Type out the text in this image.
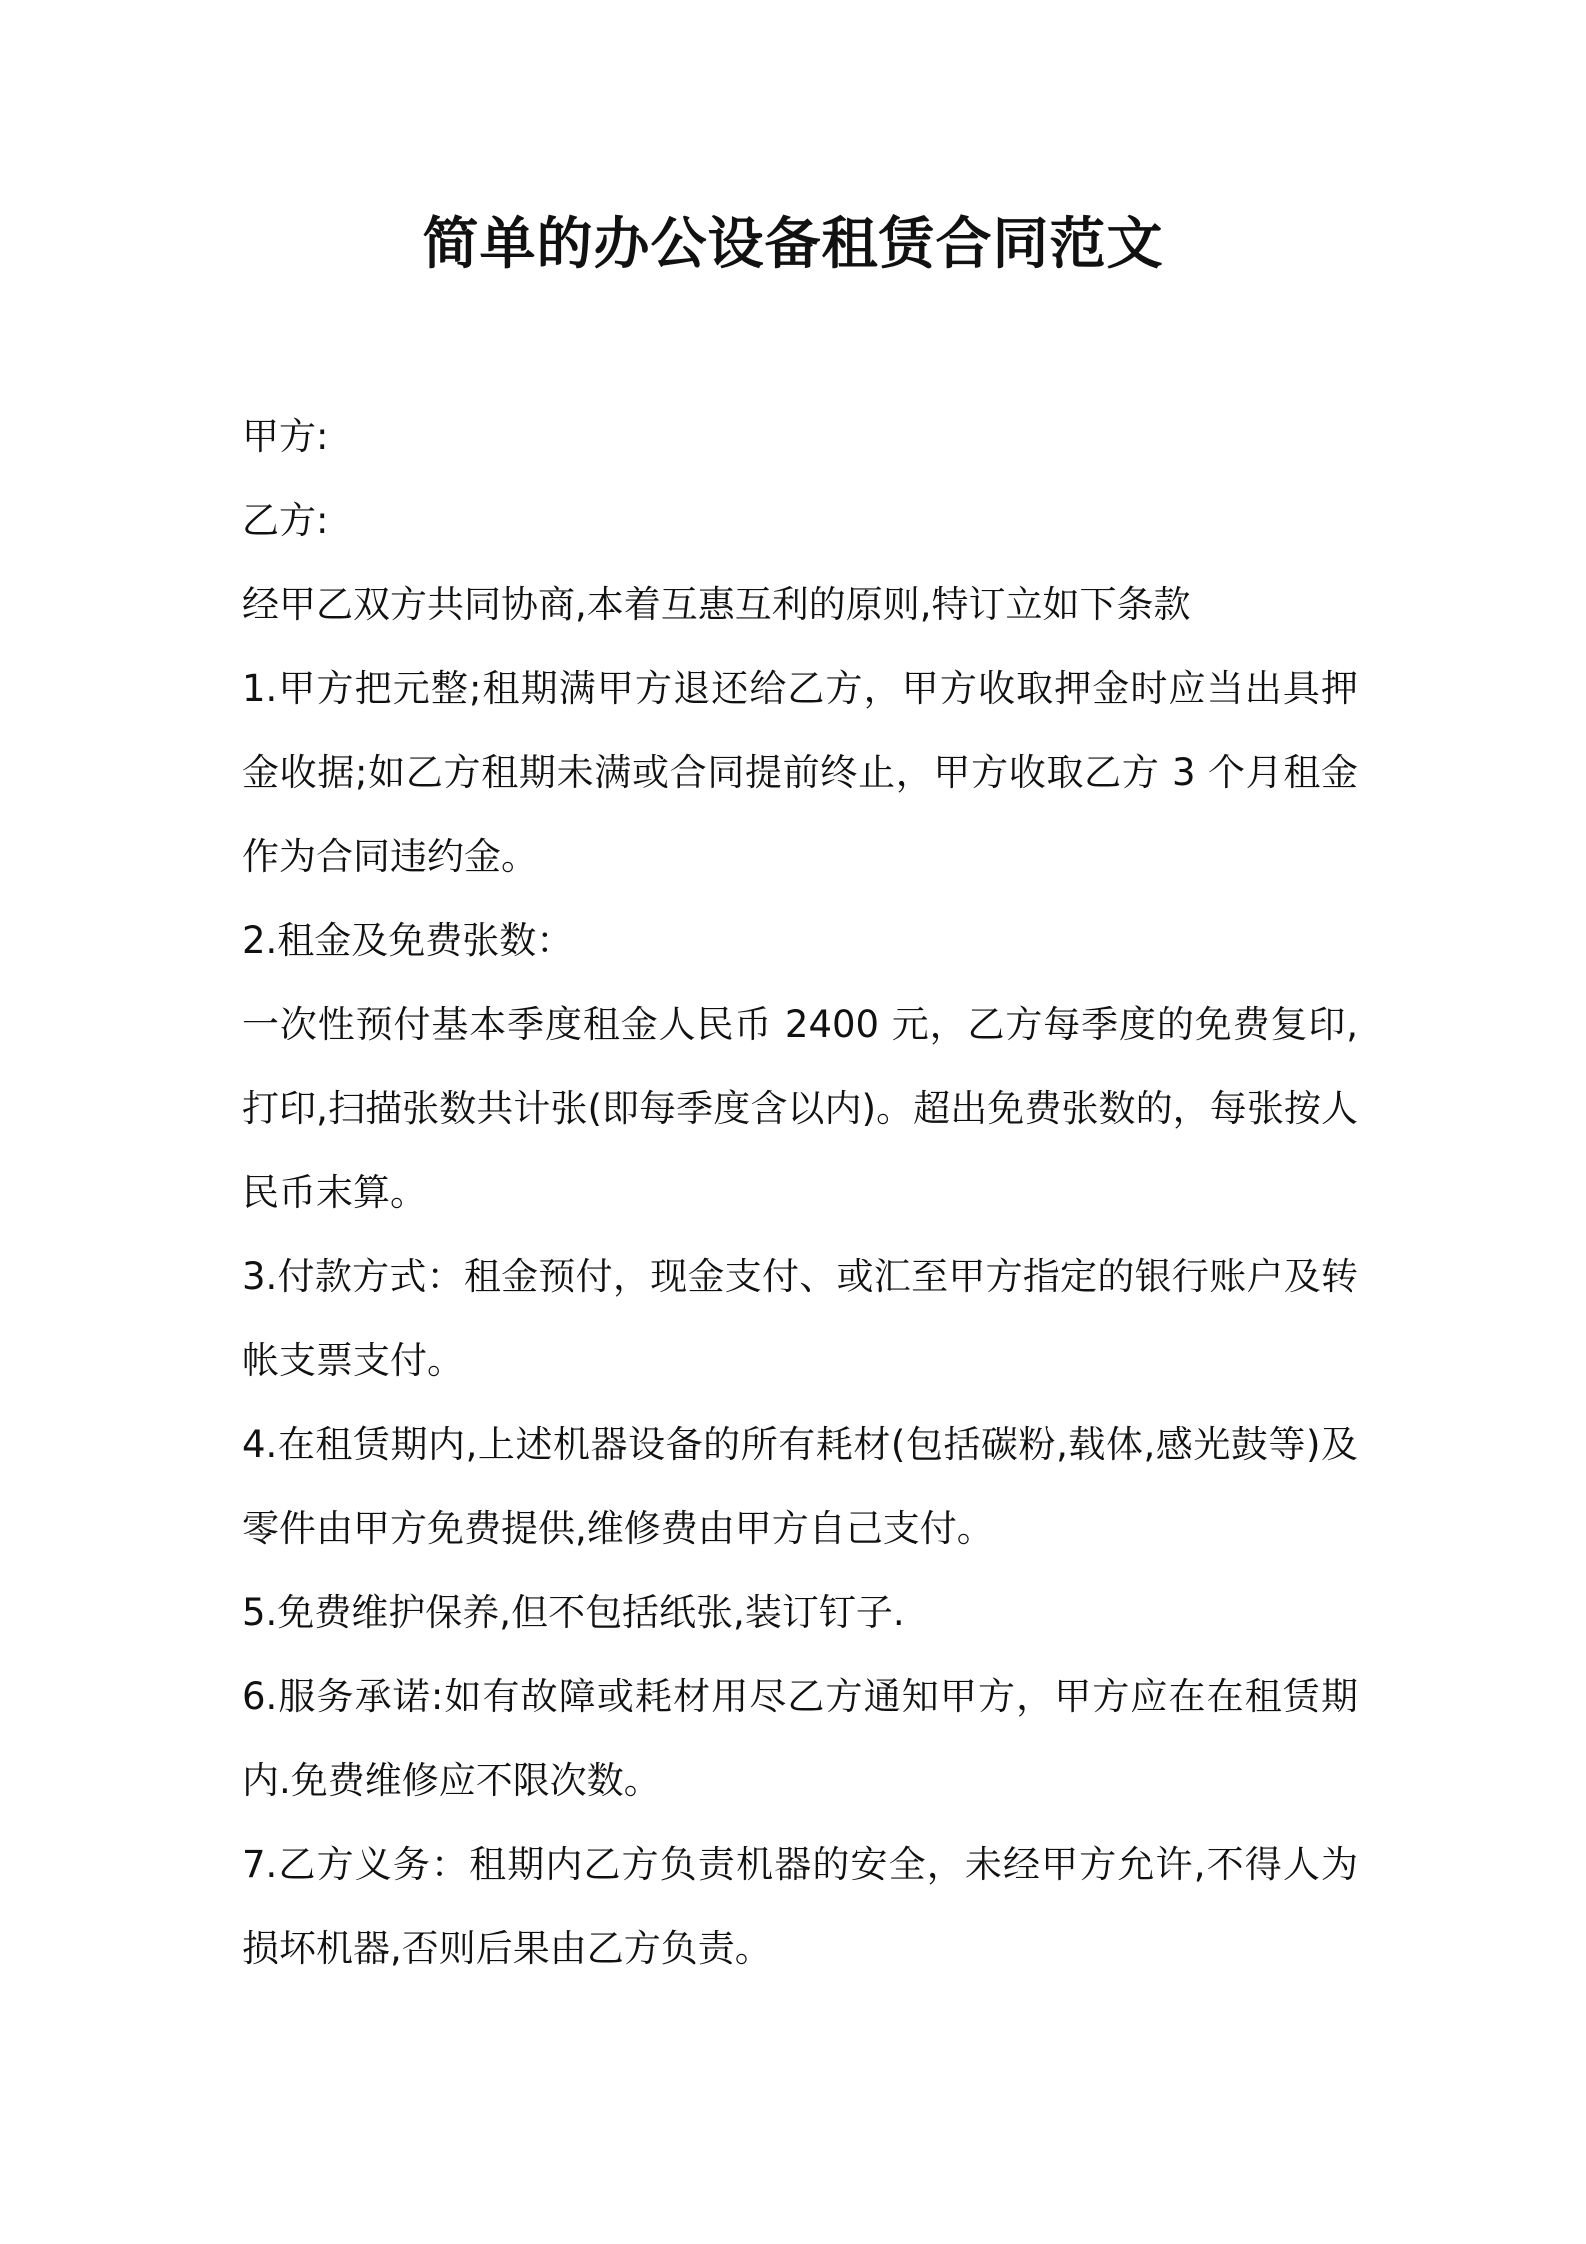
简单的办公设备租赁合同范文
甲方:
乙方:
经甲乙双方共同协商,本着互惠互利的原则,特订立如下条款
1.甲方把元整;租期满甲方退还给乙方，甲方收取押金时应当出具押
金收据;如乙方租期未满或合同提前终止，甲方收取乙方 3 个月租金
作为合同违约金。
2.租金及免费张数：
一次性预付基本季度租金人民币 2400 元，乙方每季度的免费复印,
打印,扫描张数共计张(即每季度含以内)。超出免费张数的，每张按人
民币末算。
3.付款方式：租金预付，现金支付、或汇至甲方指定的银行账户及转
帐支票支付。
4.在租赁期内,上述机器设备的所有耗材(包括碳粉,载体,感光鼓等)及
零件由甲方免费提供,维修费由甲方自己支付。
5.免费维护保养,但不包括纸张,装订钉子.
6.服务承诺:如有故障或耗材用尽乙方通知甲方，甲方应在在租赁期
内.免费维修应不限次数。
7.乙方义务：租期内乙方负责机器的安全，未经甲方允许,不得人为
损坏机器,否则后果由乙方负责。
